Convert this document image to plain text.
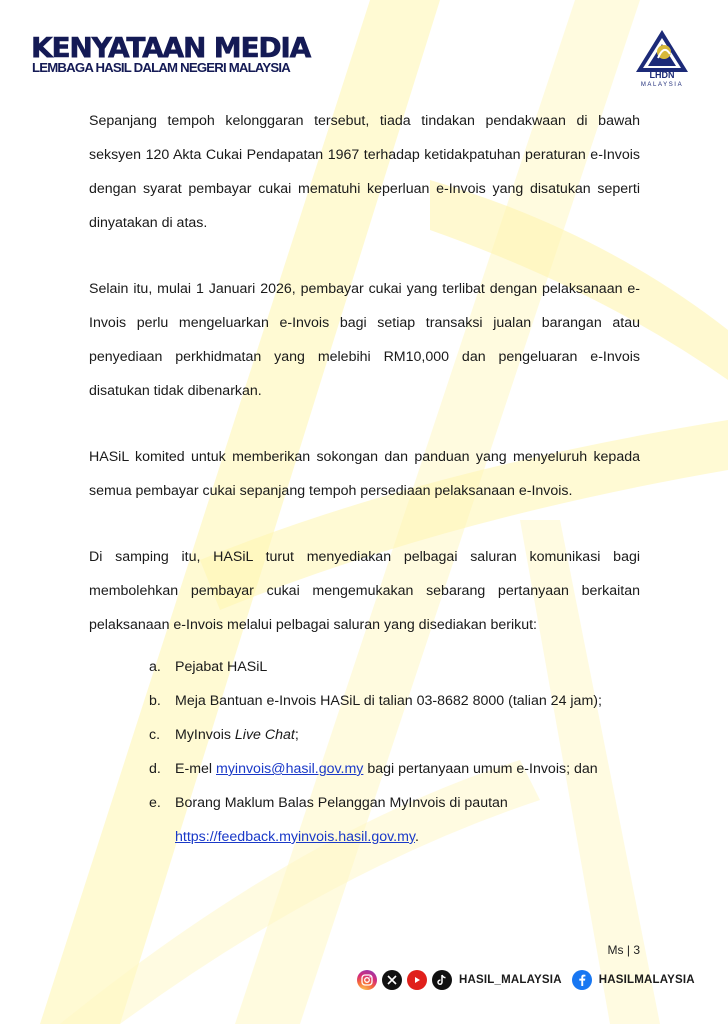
KENYATAAN MEDIA
LEMBAGA HASIL DALAM NEGERI MALAYSIA	LHDN
MALAYSIA

Sepanjang tempoh kelonggaran tersebut, tiada tindakan pendakwaan di bawah seksyen 120 Akta Cukai Pendapatan 1967 terhadap ketidakpatuhan peraturan e-Invois dengan syarat pembayar cukai mematuhi keperluan e-Invois yang disatukan seperti dinyatakan di atas.

Selain itu, mulai 1 Januari 2026, pembayar cukai yang terlibat dengan pelaksanaan e-Invois perlu mengeluarkan e-Invois bagi setiap transaksi jualan barangan atau penyediaan perkhidmatan yang melebihi RM10,000 dan pengeluaran e-Invois disatukan tidak dibenarkan.

HASiL komited untuk memberikan sokongan dan panduan yang menyeluruh kepada semua pembayar cukai sepanjang tempoh persediaan pelaksanaan e-Invois.

Di samping itu, HASiL turut menyediakan pelbagai saluran komunikasi bagi membolehkan pembayar cukai mengemukakan sebarang pertanyaan berkaitan pelaksanaan e-Invois melalui pelbagai saluran yang disediakan berikut:

a. Pejabat HASiL
b. Meja Bantuan e-Invois HASiL di talian 03-8682 8000 (talian 24 jam);
c. MyInvois Live Chat;
d. E-mel myinvois@hasil.gov.my bagi pertanyaan umum e-Invois; dan
e. Borang Maklum Balas Pelanggan MyInvois di pautan
https://feedback.myinvois.hasil.gov.my.
Ms | 3
HASIL_MALAYSIA	HASILMALAYSIA
